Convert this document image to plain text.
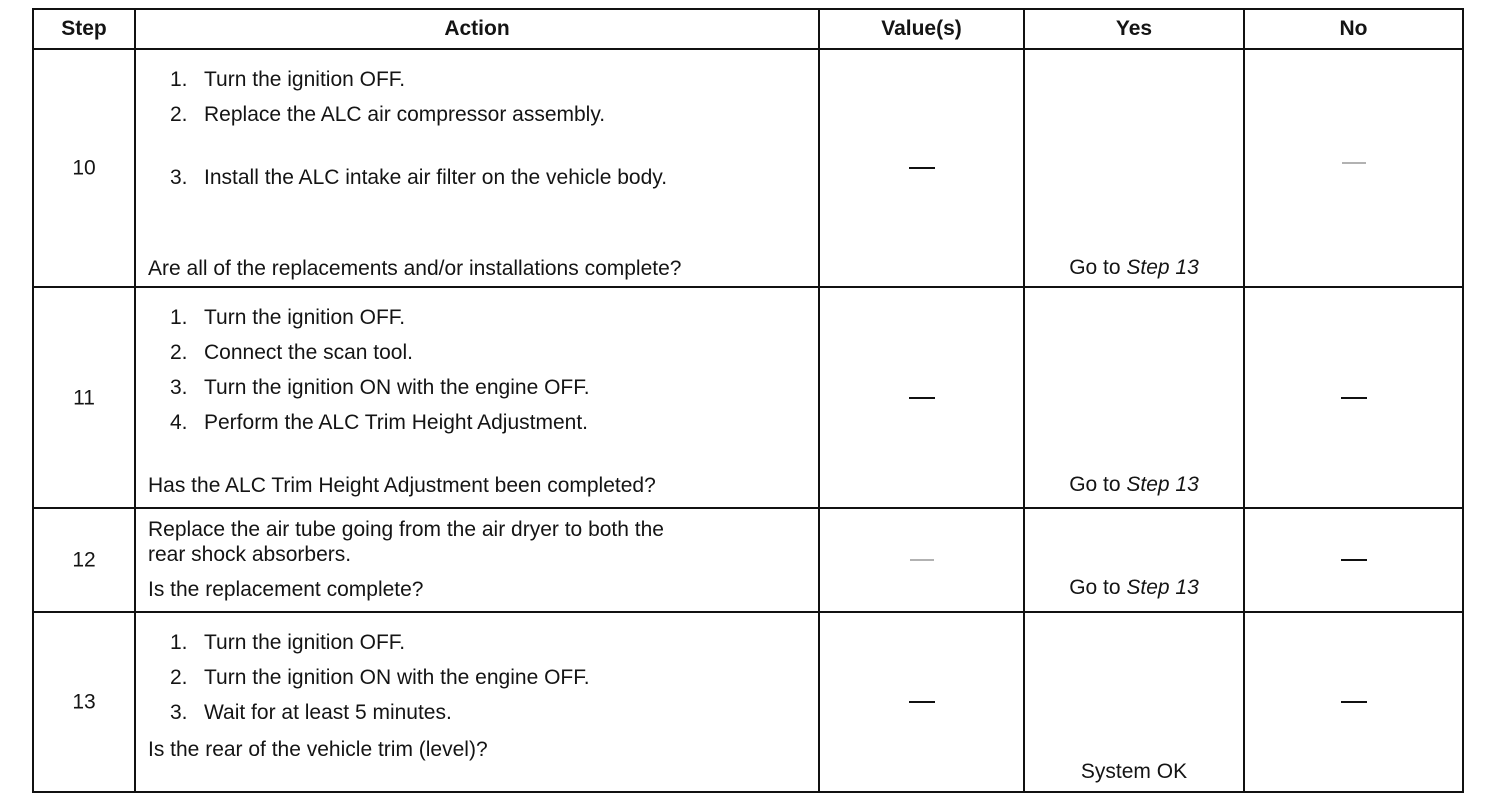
Step	Action	Value(s)	Yes	No

10	1. Turn the ignition OFF.
2. Replace the ALC air compressor assembly.
3. Install the ALC intake air filter on the vehicle body.
Are all of the replacements and/or installations complete?		Go to Step 13	

11	1. Turn the ignition OFF.
2. Connect the scan tool.
3. Turn the ignition ON with the engine OFF.
4. Perform the ALC Trim Height Adjustment.
Has the ALC Trim Height Adjustment been completed?		Go to Step 13	

12	Replace the air tube going from the air dryer to both the
rear shock absorbers.
Is the replacement complete?		Go to Step 13	

13	1. Turn the ignition OFF.
2. Turn the ignition ON with the engine OFF.
3. Wait for at least 5 minutes.
Is the rear of the vehicle trim (level)?		System OK	
